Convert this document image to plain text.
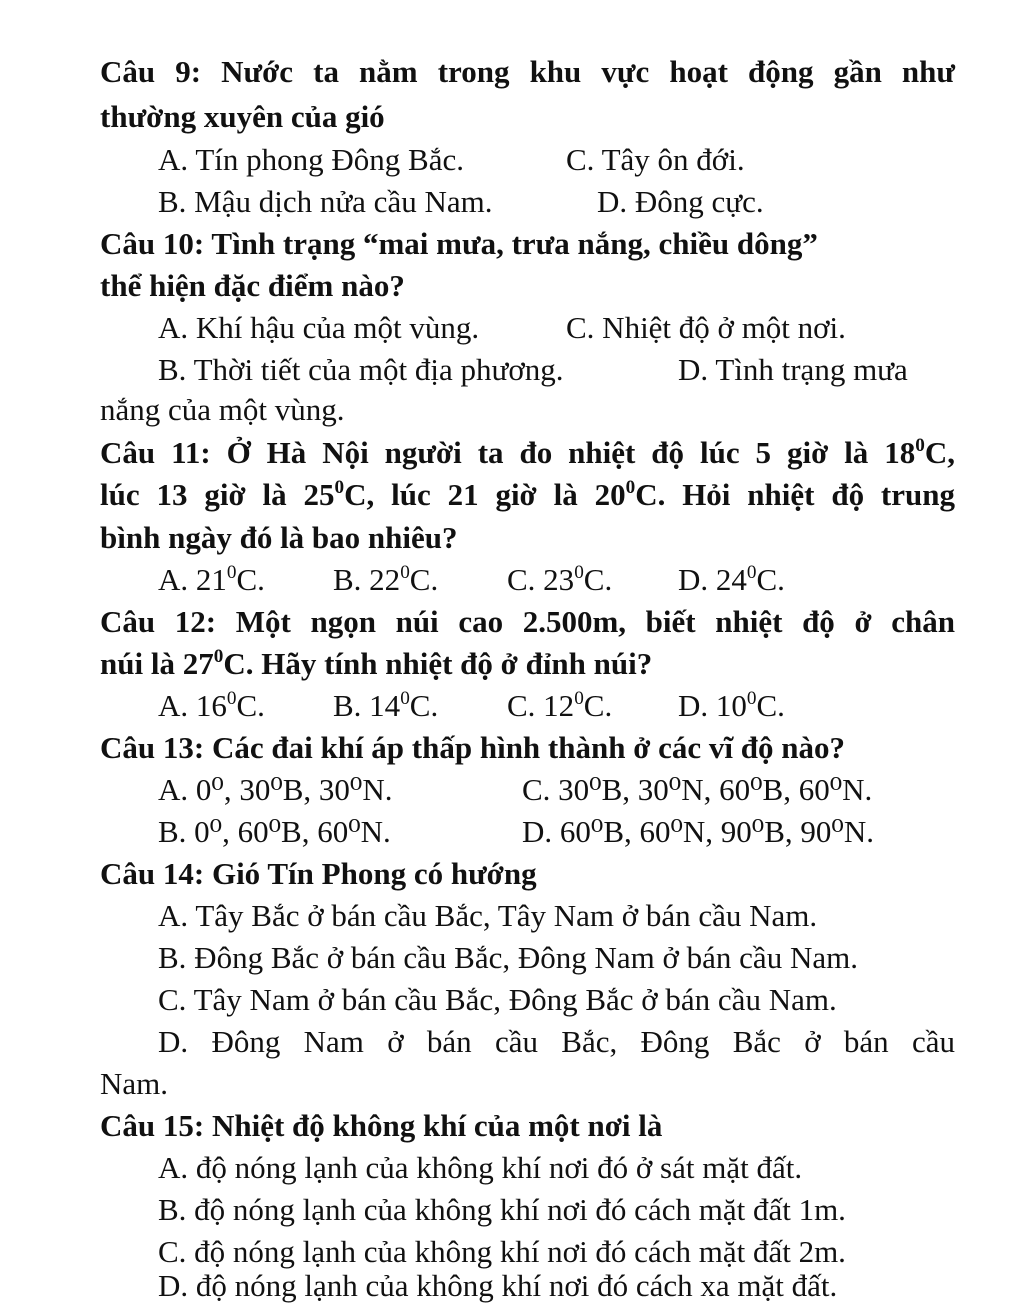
Câu 9: Nước ta nằm trong khu vực hoạt động gần như
thường xuyên của gió
A. Tín phong Đông Bắc.	C. Tây ôn đới.
B. Mậu dịch nửa cầu Nam.	D. Đông cực.
Câu 10: Tình trạng “mai mưa, trưa nắng, chiều dông”
thể hiện đặc điểm nào?
A. Khí hậu của một vùng.	C. Nhiệt độ ở một nơi.
B. Thời tiết của một địa phương.	D. Tình trạng mưa
nắng của một vùng.
Câu 11: Ở Hà Nội người ta đo nhiệt độ lúc 5 giờ là $18^0C$,
lúc 13 giờ là $25^0C$, lúc 21 giờ là $20^0C$. Hỏi nhiệt độ trung
bình ngày đó là bao nhiêu?
A. $21^0C$. B. $22^0C$. C. $23^0C$. D. $24^0C$.
Câu 12: Một ngọn núi cao 2.500m, biết nhiệt độ ở chân
núi là $27^0C$. Hãy tính nhiệt độ ở đỉnh núi?
A. $16^0C$. B. $14^0C$. C. $12^0C$. D. $10^0C$.
Câu 13: Các đai khí áp thấp hình thành ở các vĩ độ nào?
A. 0⁰, 30⁰B, 30⁰N.	C. 30⁰B, 30⁰N, 60⁰B, 60⁰N.
B. 0⁰, 60⁰B, 60⁰N.	D. 60⁰B, 60⁰N, 90⁰B, 90⁰N.
Câu 14: Gió Tín Phong có hướng
A. Tây Bắc ở bán cầu Bắc, Tây Nam ở bán cầu Nam.
B. Đông Bắc ở bán cầu Bắc, Đông Nam ở bán cầu Nam.
C. Tây Nam ở bán cầu Bắc, Đông Bắc ở bán cầu Nam.
D. Đông Nam ở bán cầu Bắc, Đông Bắc ở bán cầu
Nam.
Câu 15: Nhiệt độ không khí của một nơi là
A. độ nóng lạnh của không khí nơi đó ở sát mặt đất.
B. độ nóng lạnh của không khí nơi đó cách mặt đất 1m.
C. độ nóng lạnh của không khí nơi đó cách mặt đất 2m.
D. độ nóng lạnh của không khí nơi đó cách xa mặt đất.
